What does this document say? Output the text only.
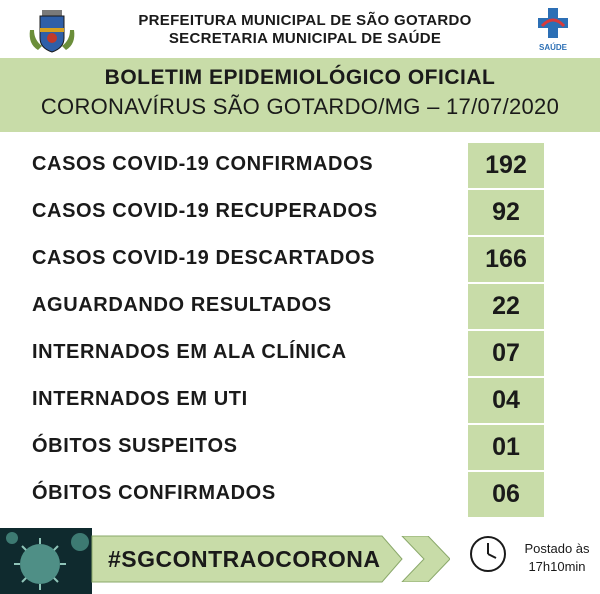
PREFEITURA MUNICIPAL DE SÃO GOTARDO
SECRETARIA MUNICIPAL DE SAÚDE
SAÚDE
BOLETIM EPIDEMIOLÓGICO OFICIAL
CORONAVÍRUS SÃO GOTARDO/MG – 17/07/2020
CASOS COVID-19 CONFIRMADOS	192
CASOS COVID-19 RECUPERADOS	92
CASOS COVID-19 DESCARTADOS	166
AGUARDANDO RESULTADOS	22
INTERNADOS EM ALA CLÍNICA	07
INTERNADOS EM UTI	04
ÓBITOS SUSPEITOS	01
ÓBITOS CONFIRMADOS	06
#SGCONTRAOCORONA	Postado às
17h10min
